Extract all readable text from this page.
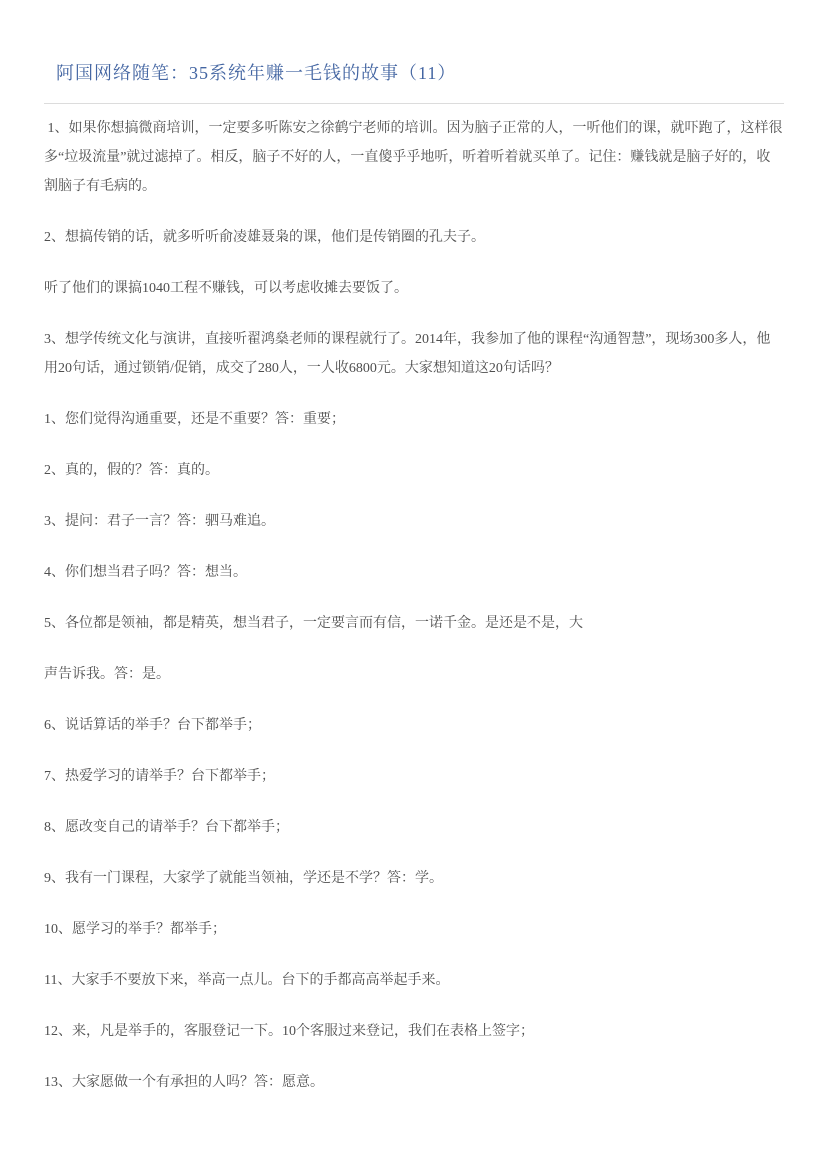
阿国网络随笔：35系统年赚一毛钱的故事（11）

1、如果你想搞微商培训，一定要多听陈安之徐鹤宁老师的培训。因为脑子正常的人，一听他们的课，就吓跑了，这样很多“垃圾流量”就过滤掉了。相反，脑子不好的人，一直傻乎乎地听，听着听着就买单了。记住：赚钱就是脑子好的，收割脑子有毛病的。

2、想搞传销的话，就多听听俞凌雄聂枭的课，他们是传销圈的孔夫子。

听了他们的课搞1040工程不赚钱，可以考虑收摊去要饭了。

3、想学传统文化与演讲，直接听翟鸿燊老师的课程就行了。2014年，我参加了他的课程“沟通智慧”，现场300多人，他用20句话，通过锁销/促销，成交了280人，一人收6800元。大家想知道这20句话吗？

1、您们觉得沟通重要，还是不重要？答：重要；

2、真的，假的？答：真的。

3、提问：君子一言？答：驷马难追。

4、你们想当君子吗？答：想当。

5、各位都是领袖，都是精英，想当君子，一定要言而有信，一诺千金。是还是不是，大

声告诉我。答：是。

6、说话算话的举手？台下都举手；

7、热爱学习的请举手？台下都举手；

8、愿改变自己的请举手？台下都举手；

9、我有一门课程，大家学了就能当领袖，学还是不学？答：学。

10、愿学习的举手？都举手；

11、大家手不要放下来，举高一点儿。台下的手都高高举起手来。

12、来，凡是举手的，客服登记一下。10个客服过来登记，我们在表格上签字；

13、大家愿做一个有承担的人吗？答：愿意。
